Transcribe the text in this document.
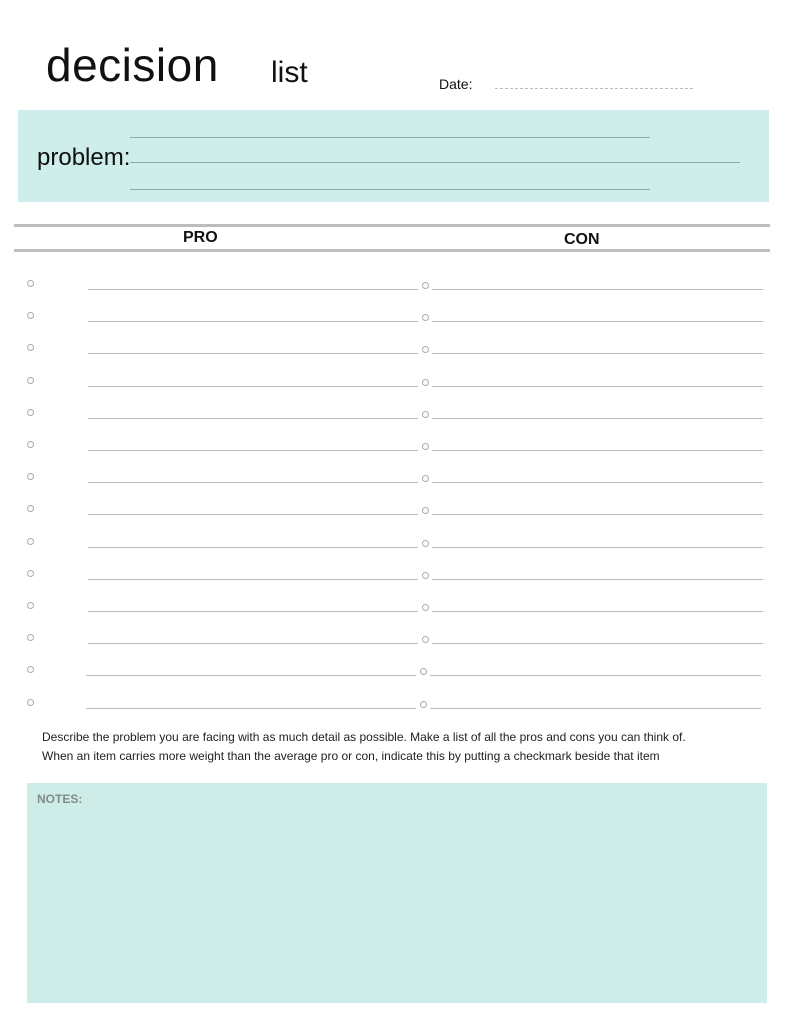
decision list	Date:
problem:
PRO	CON
Describe the problem you are facing with as much detail as possible. Make a list of all the pros and cons you can think of.
When an item carries more weight than the average pro or con, indicate this by putting a checkmark beside that item
NOTES:
